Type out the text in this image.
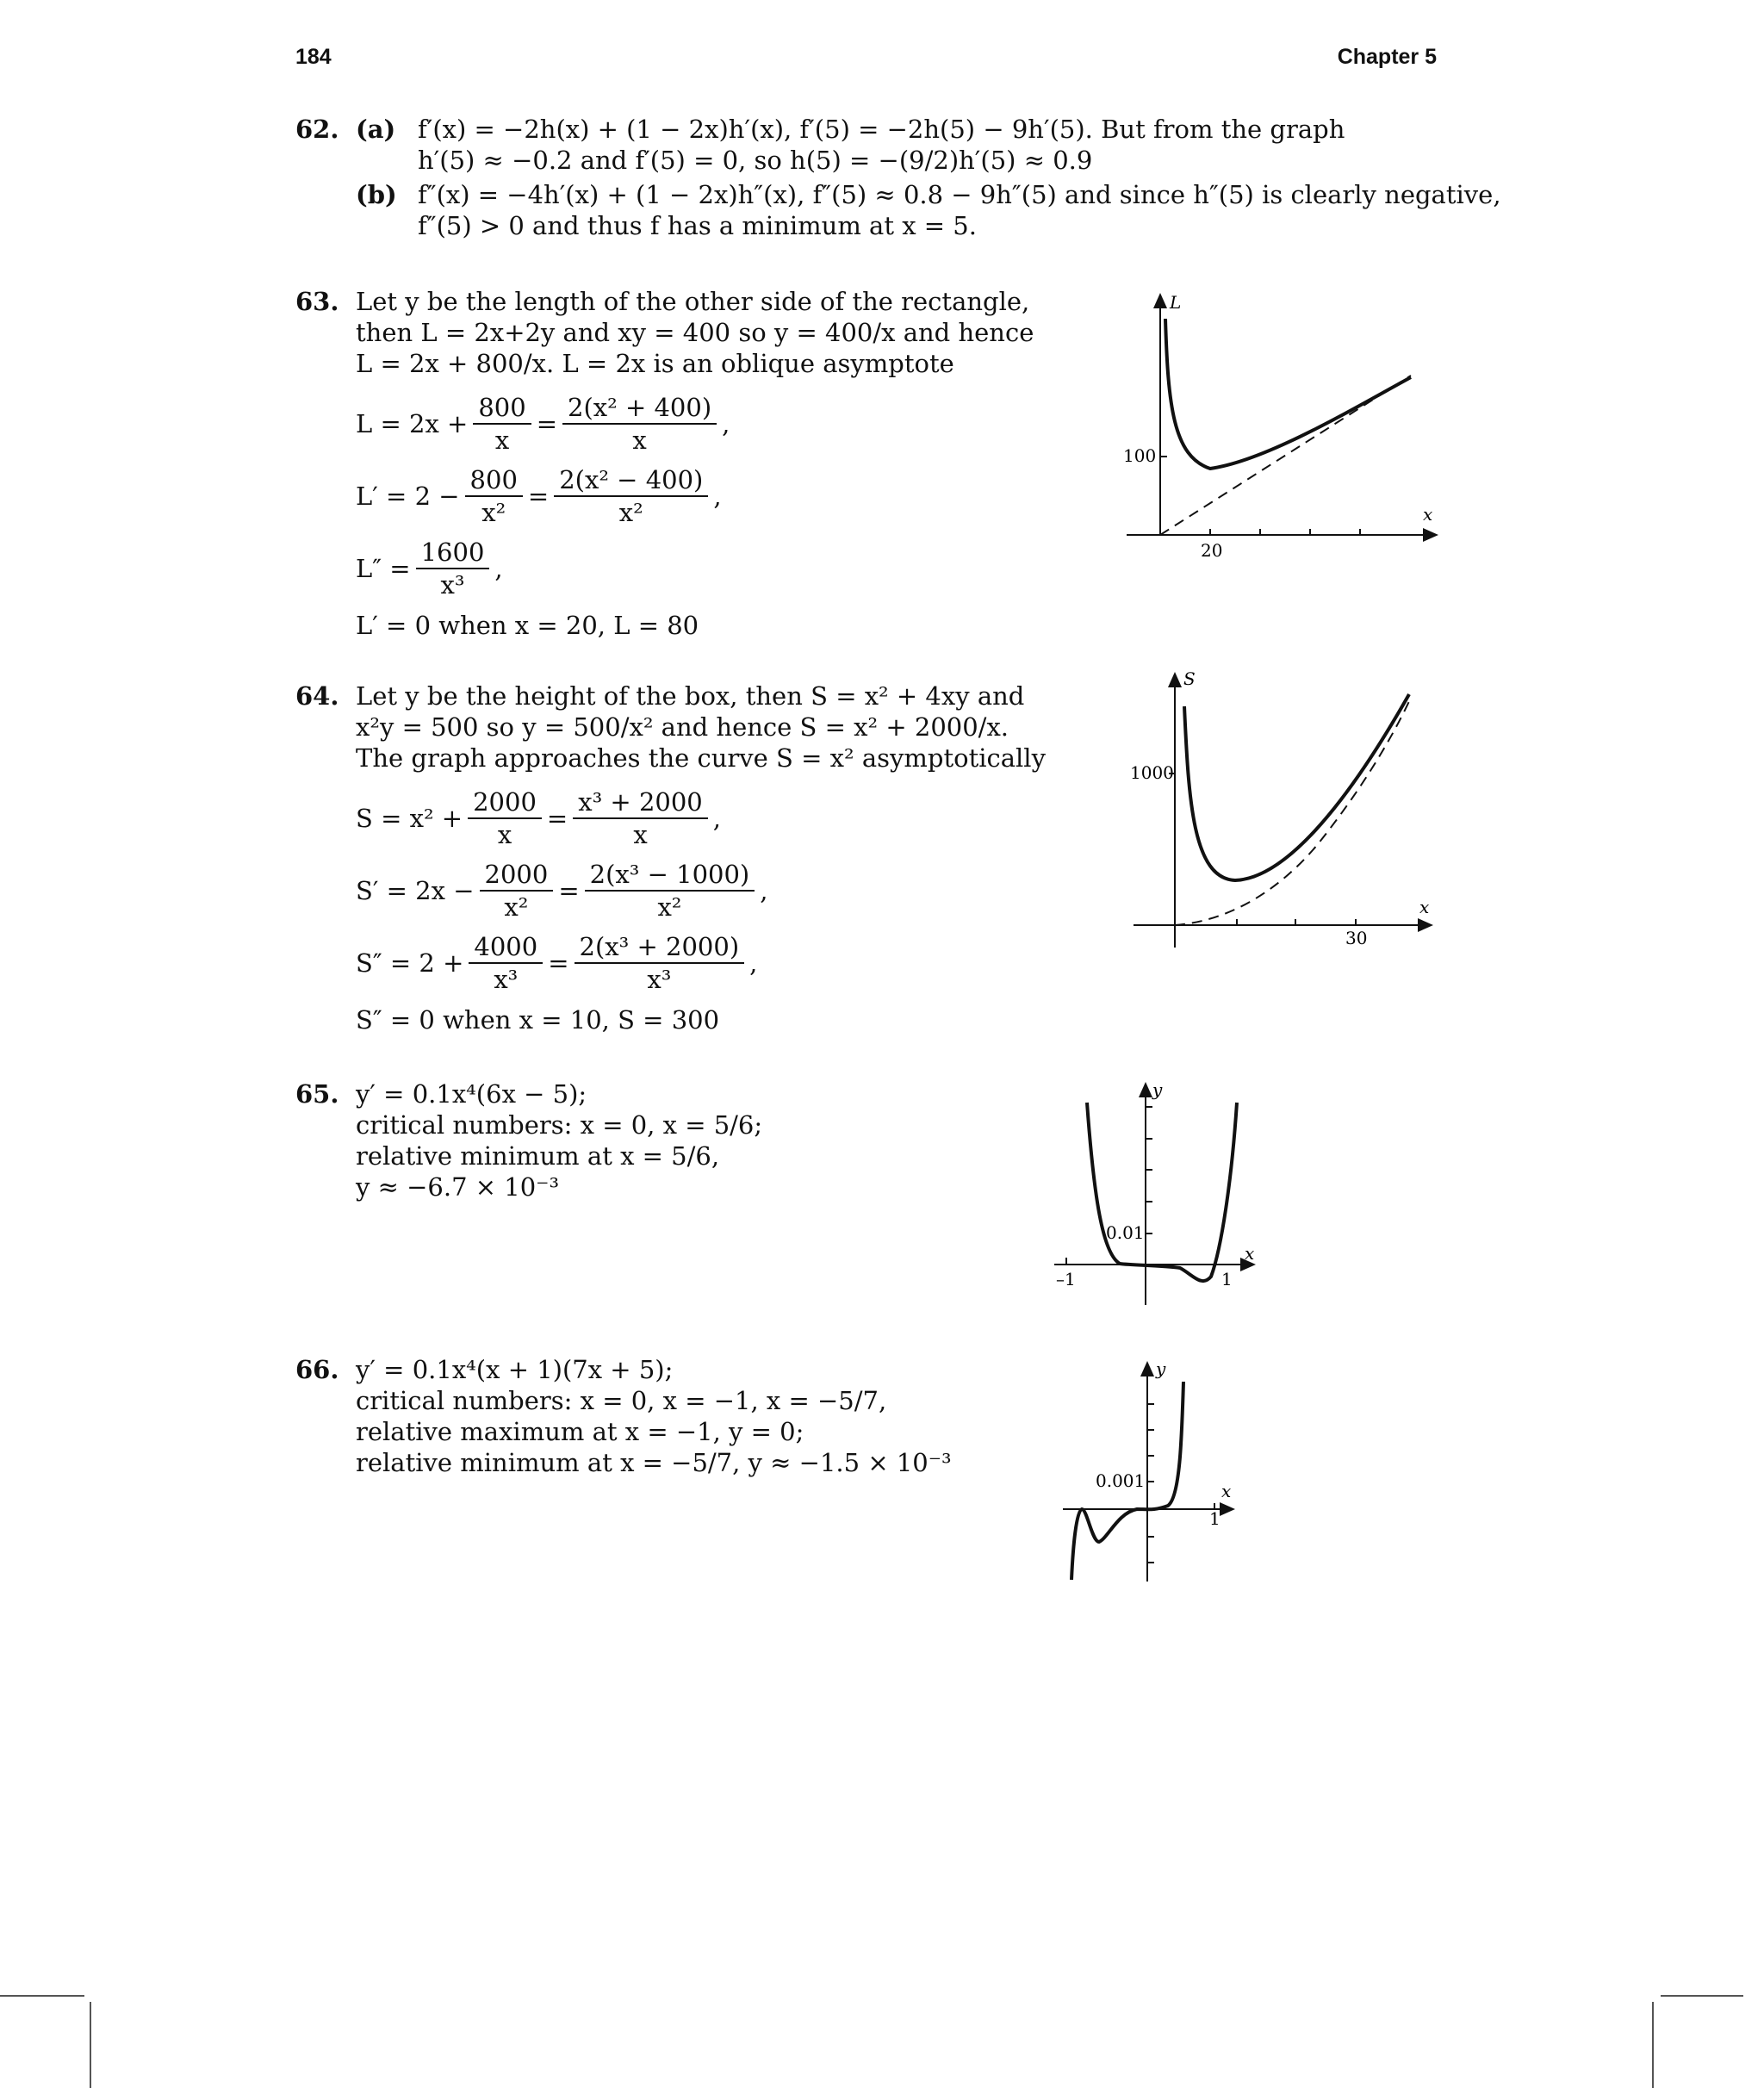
184	Chapter 5
62. (a) f′(x) = −2h(x) + (1 − 2x)h′(x), f′(5) = −2h(5) − 9h′(5). But from the graph
h′(5) ≈ −0.2 and f′(5) = 0, so h(5) = −(9/2)h′(5) ≈ 0.9
(b) f″(x) = −4h′(x) + (1 − 2x)h″(x), f″(5) ≈ 0.8 − 9h″(5) and since h″(5) is clearly negative,
f″(5) > 0 and thus f has a minimum at x = 5.
63. Let y be the length of the other side of the rectangle,
then L = 2x+2y and xy = 400 so y = 400/x and hence
L = 2x + 800/x. L = 2x is an oblique asymptote
$L = 2x + \frac{800}{x} = \frac{\text{2(x² + 400)}}{x}$ ,
$L' = 2 - \frac{800}{\text{x²}} = \frac{\text{2(x² − 400)}}{\text{x²}}$ ,
$L'' = \frac{1600}{\text{x³}}$ ,
L′ = 0 when x = 20, L = 80
64. Let y be the height of the box, then S = x² + 4xy and
x²y = 500 so y = 500/x² and hence S = x² + 2000/x.
The graph approaches the curve S = x² asymptotically
$S = x^2 + \frac{2000}{x} = \frac{\text{x³ + 2000}}{x}$ ,
$S' = 2x - \frac{2000}{\text{x²}} = \frac{\text{2(x³ − 1000)}}{\text{x²}}$ ,
$S'' = 2 + \frac{4000}{\text{x³}} = \frac{\text{2(x³ + 2000)}}{\text{x³}}$ ,
S″ = 0 when x = 10, S = 300
65. y′ = 0.1x⁴(6x − 5);
critical numbers: x = 0, x = 5/6;
relative minimum at x = 5/6,
y ≈ −6.7 × 10⁻³
66. y′ = 0.1x⁴(x + 1)(7x + 5);
critical numbers: x = 0, x = −1, x = −5/7,
relative maximum at x = −1, y = 0;
relative minimum at x = −5/7, y ≈ −1.5 × 10⁻³
L
x
100
20
S
x
1000
30
y
x
0.01
–1	1
y
x
0.001
1
